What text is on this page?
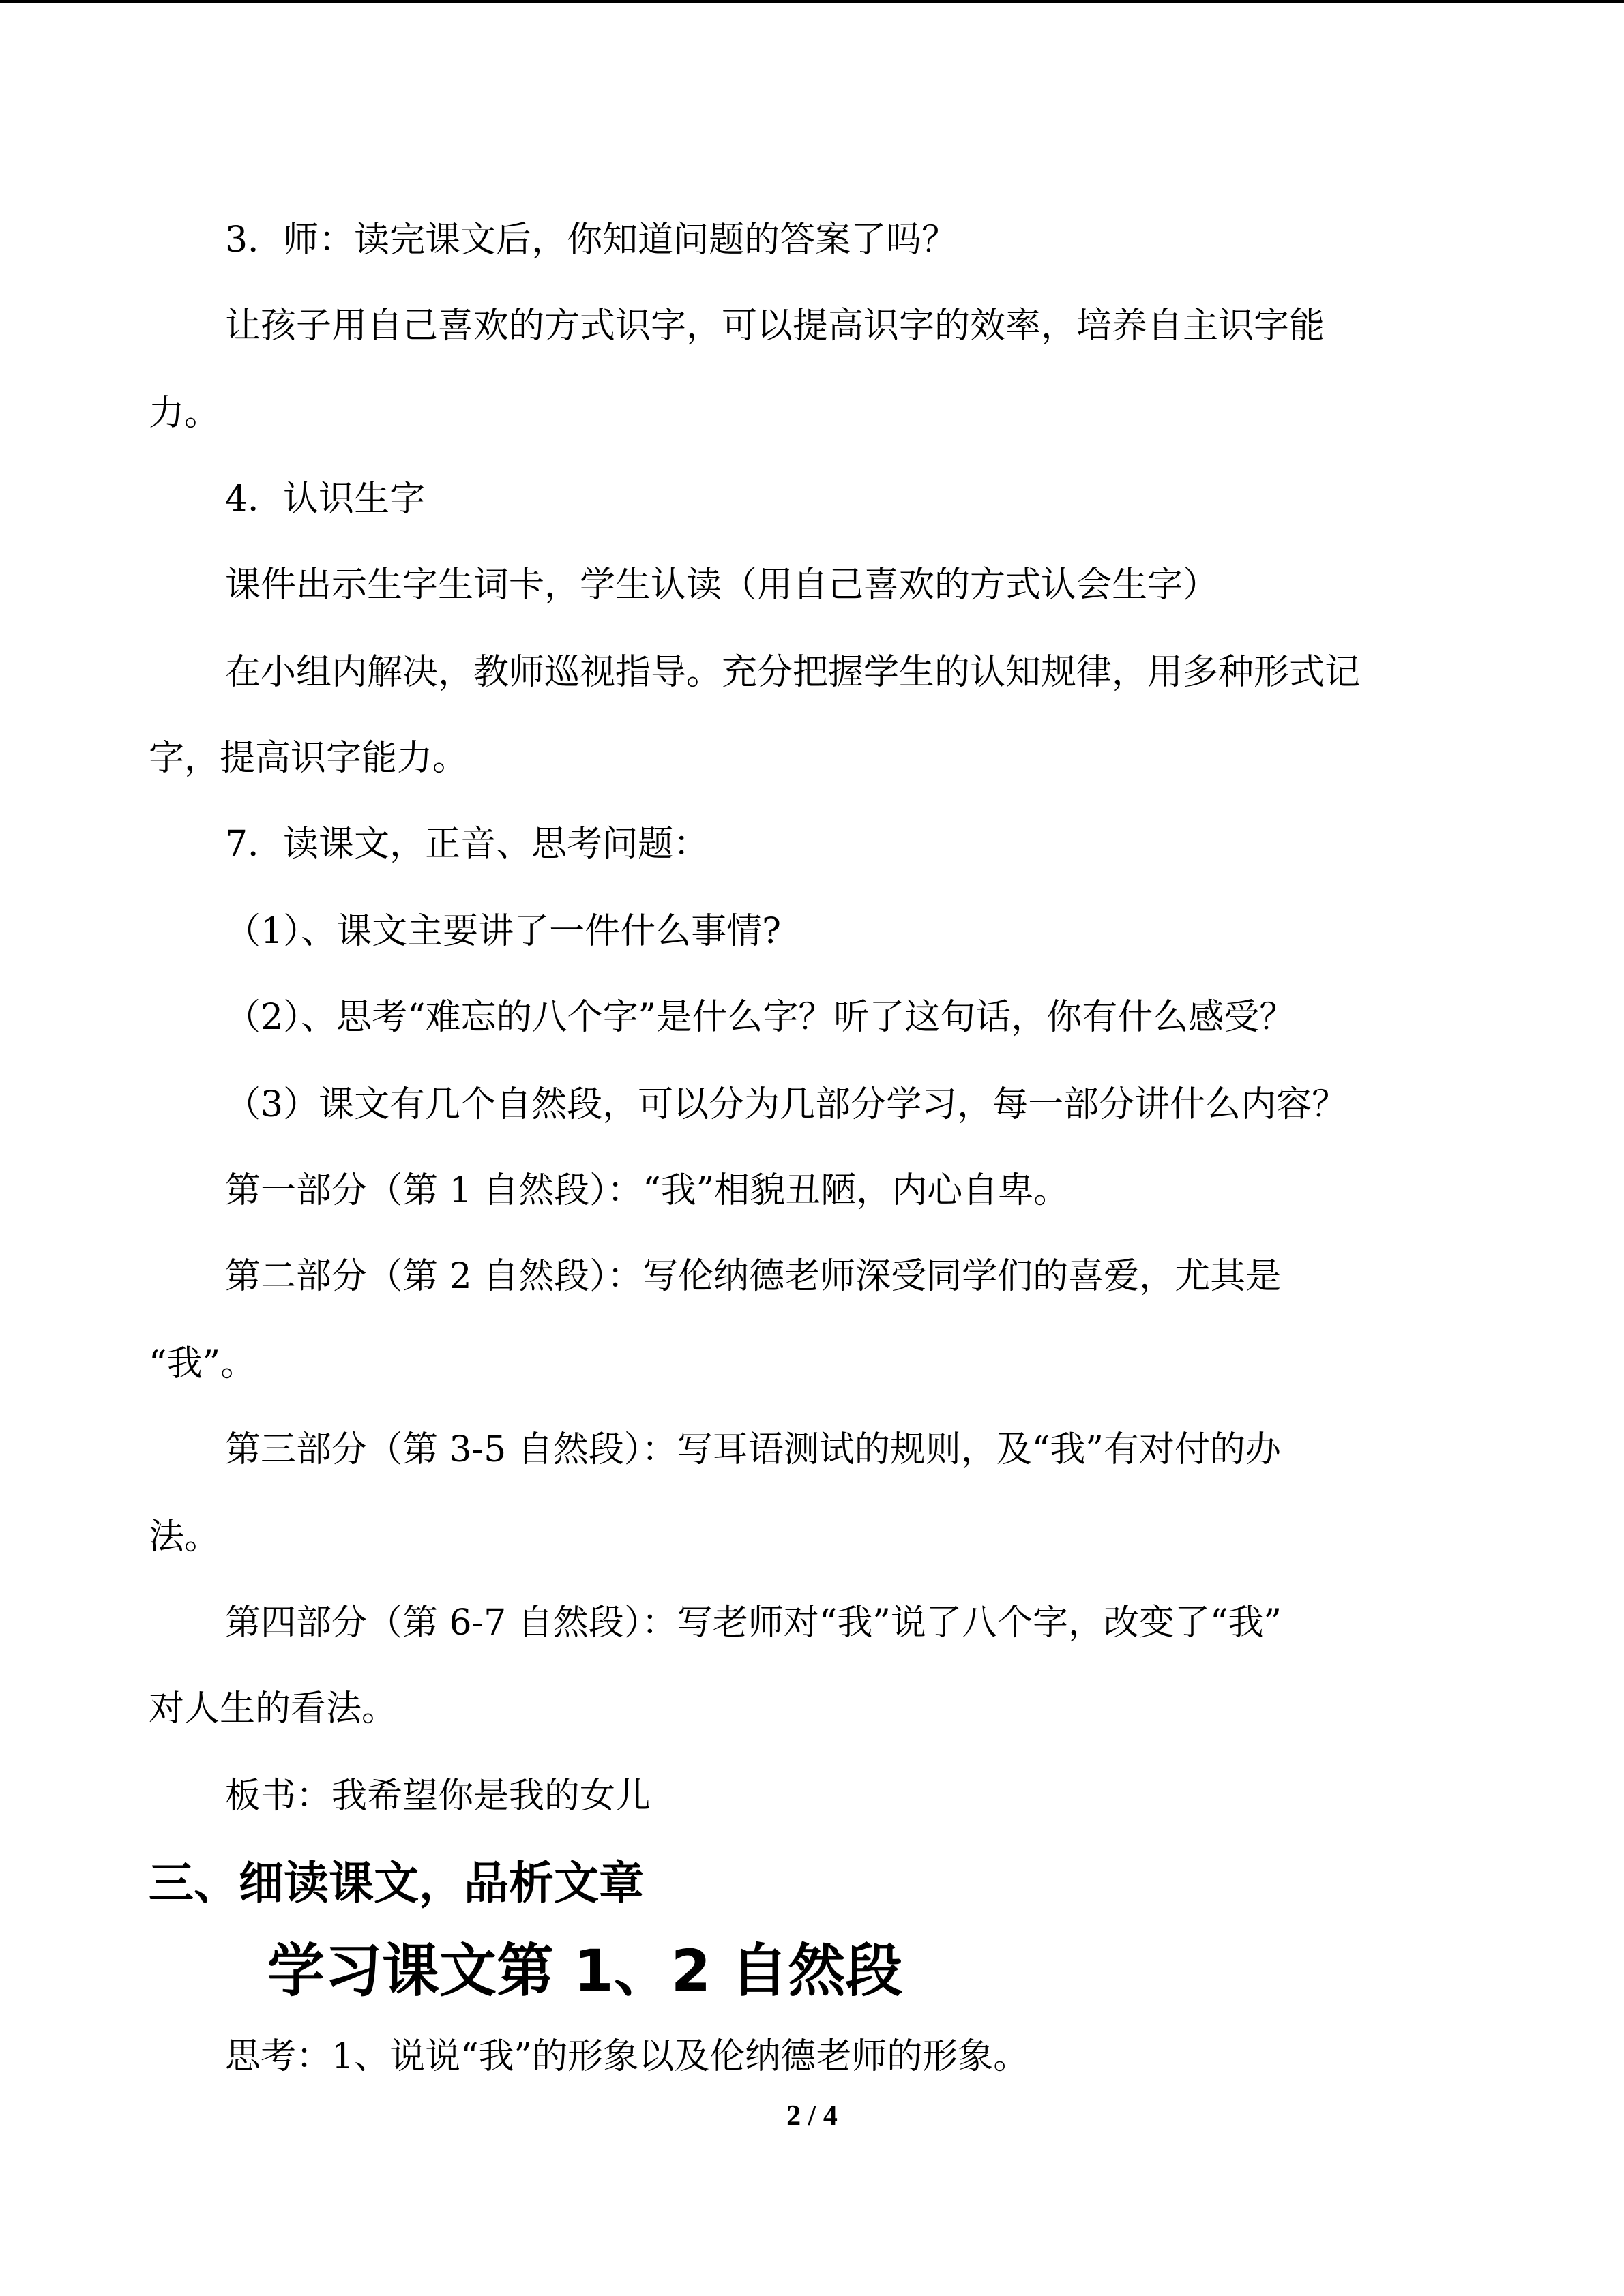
3．师：读完课文后，你知道问题的答案了吗？
让孩子用自己喜欢的方式识字，可以提高识字的效率，培养自主识字能
力。
4．认识生字
课件出示生字生词卡，学生认读（用自己喜欢的方式认会生字）
在小组内解决，教师巡视指导。充分把握学生的认知规律，用多种形式记
字，提高识字能力。
7．读课文，正音、思考问题：
（1）、课文主要讲了一件什么事情?
（2）、思考“难忘的八个字”是什么字？听了这句话，你有什么感受？
（3）课文有几个自然段，可以分为几部分学习，每一部分讲什么内容？
第一部分（第 1 自然段）：“我”相貌丑陋，内心自卑。
第二部分（第 2 自然段）：写伦纳德老师深受同学们的喜爱，尤其是
“我”。
第三部分（第 3-5 自然段）：写耳语测试的规则，及“我”有对付的办
法。
第四部分（第 6-7 自然段）：写老师对“我”说了八个字，改变了“我”
对人生的看法。
板书：我希望你是我的女儿
三、细读课文，品析文章
学习课文第 1、2 自然段
思考：1、说说“我”的形象以及伦纳德老师的形象。
2 / 4
